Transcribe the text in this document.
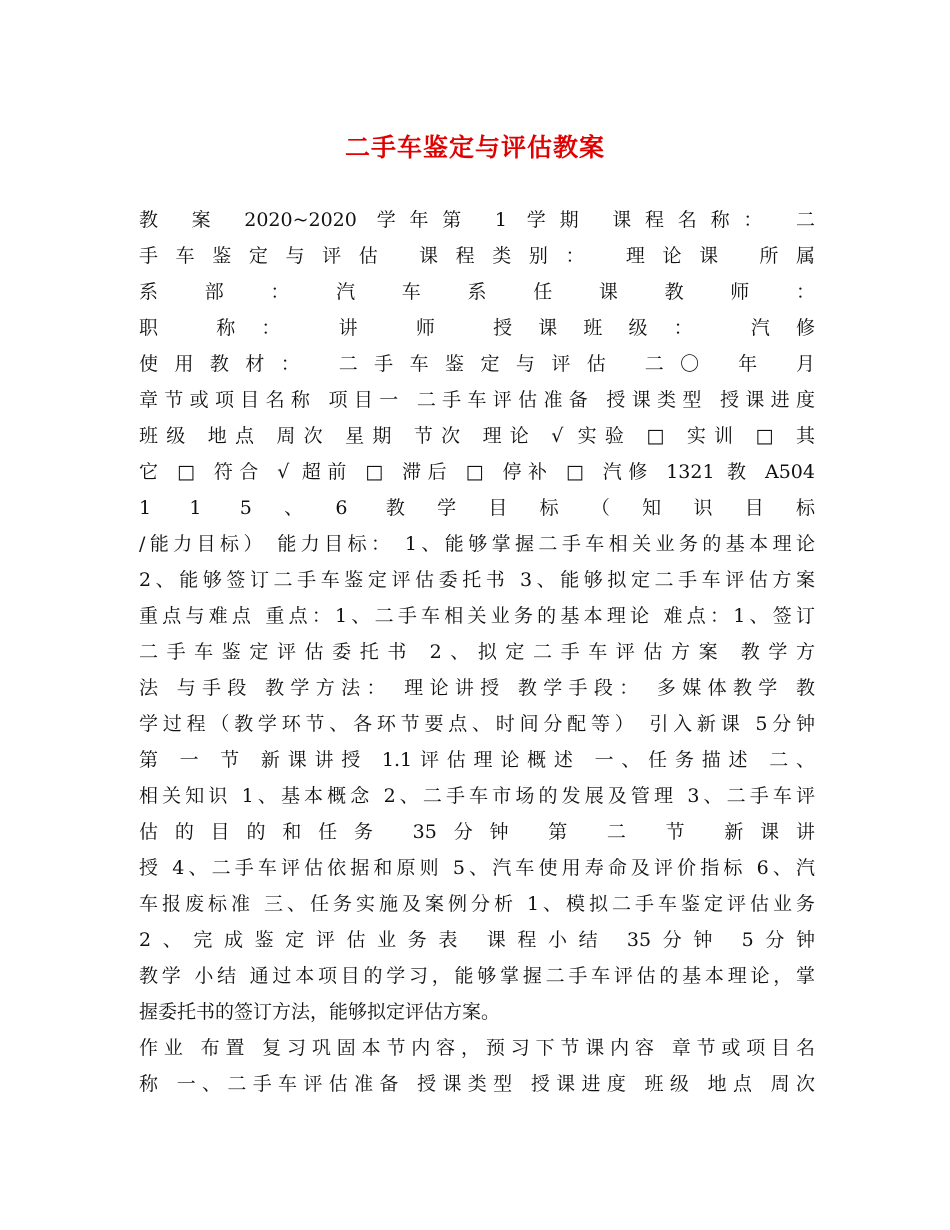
二手车鉴定与评估教案
教 案 2020~2020 学年第 1 学期 课程名称： 二
手车鉴定与评估 课程类别： 理论课 所属
系 部 ： 汽 车 系 任 课 教 师 ：
职 称： 讲 师 授课班级： 汽修
使用教材： 二手车鉴定与评估 二〇 年 月
章节或项目名称 项目一 二手车评估准备 授课类型 授课进度
班级 地点 周次 星期 节次 理论 √ 实验 □ 实训 □ 其
它 □ 符合 √ 超前 □ 滞后 □ 停补 □ 汽修 1321 教 A504
1 1 5、6 教学目标（知识目标
/能力目标） 能力目标： 1、能够掌握二手车相关业务的基本理论
2、能够签订二手车鉴定评估委托书 3、能够拟定二手车评估方案
重点与难点 重点：1、二手车相关业务的基本理论 难点：1、签订
二手车鉴定评估委托书 2、拟定二手车评估方案 教学方
法 与手段 教学方法： 理论讲授 教学手段： 多媒体教学 教
学过程（教学环节、各环节要点、时间分配等） 引入新课 5分钟
第 一 节 新课讲授 1.1评估理论概述 一、任务描述 二、
相关知识 1、基本概念 2、二手车市场的发展及管理 3、二手车评
估的目的和任务 35分钟 第 二 节 新课讲
授 4、二手车评估依据和原则 5、汽车使用寿命及评价指标 6、汽
车报废标准 三、任务实施及案例分析 1、模拟二手车鉴定评估业务
2、完成鉴定评估业务表 课程小结 35分钟 5分钟
教学 小结 通过本项目的学习，能够掌握二手车评估的基本理论，掌
握委托书的签订方法，能够拟定评估方案。
作业 布置 复习巩固本节内容，预习下节课内容 章节或项目名
称 一、二手车评估准备 授课类型 授课进度 班级 地点 周次
